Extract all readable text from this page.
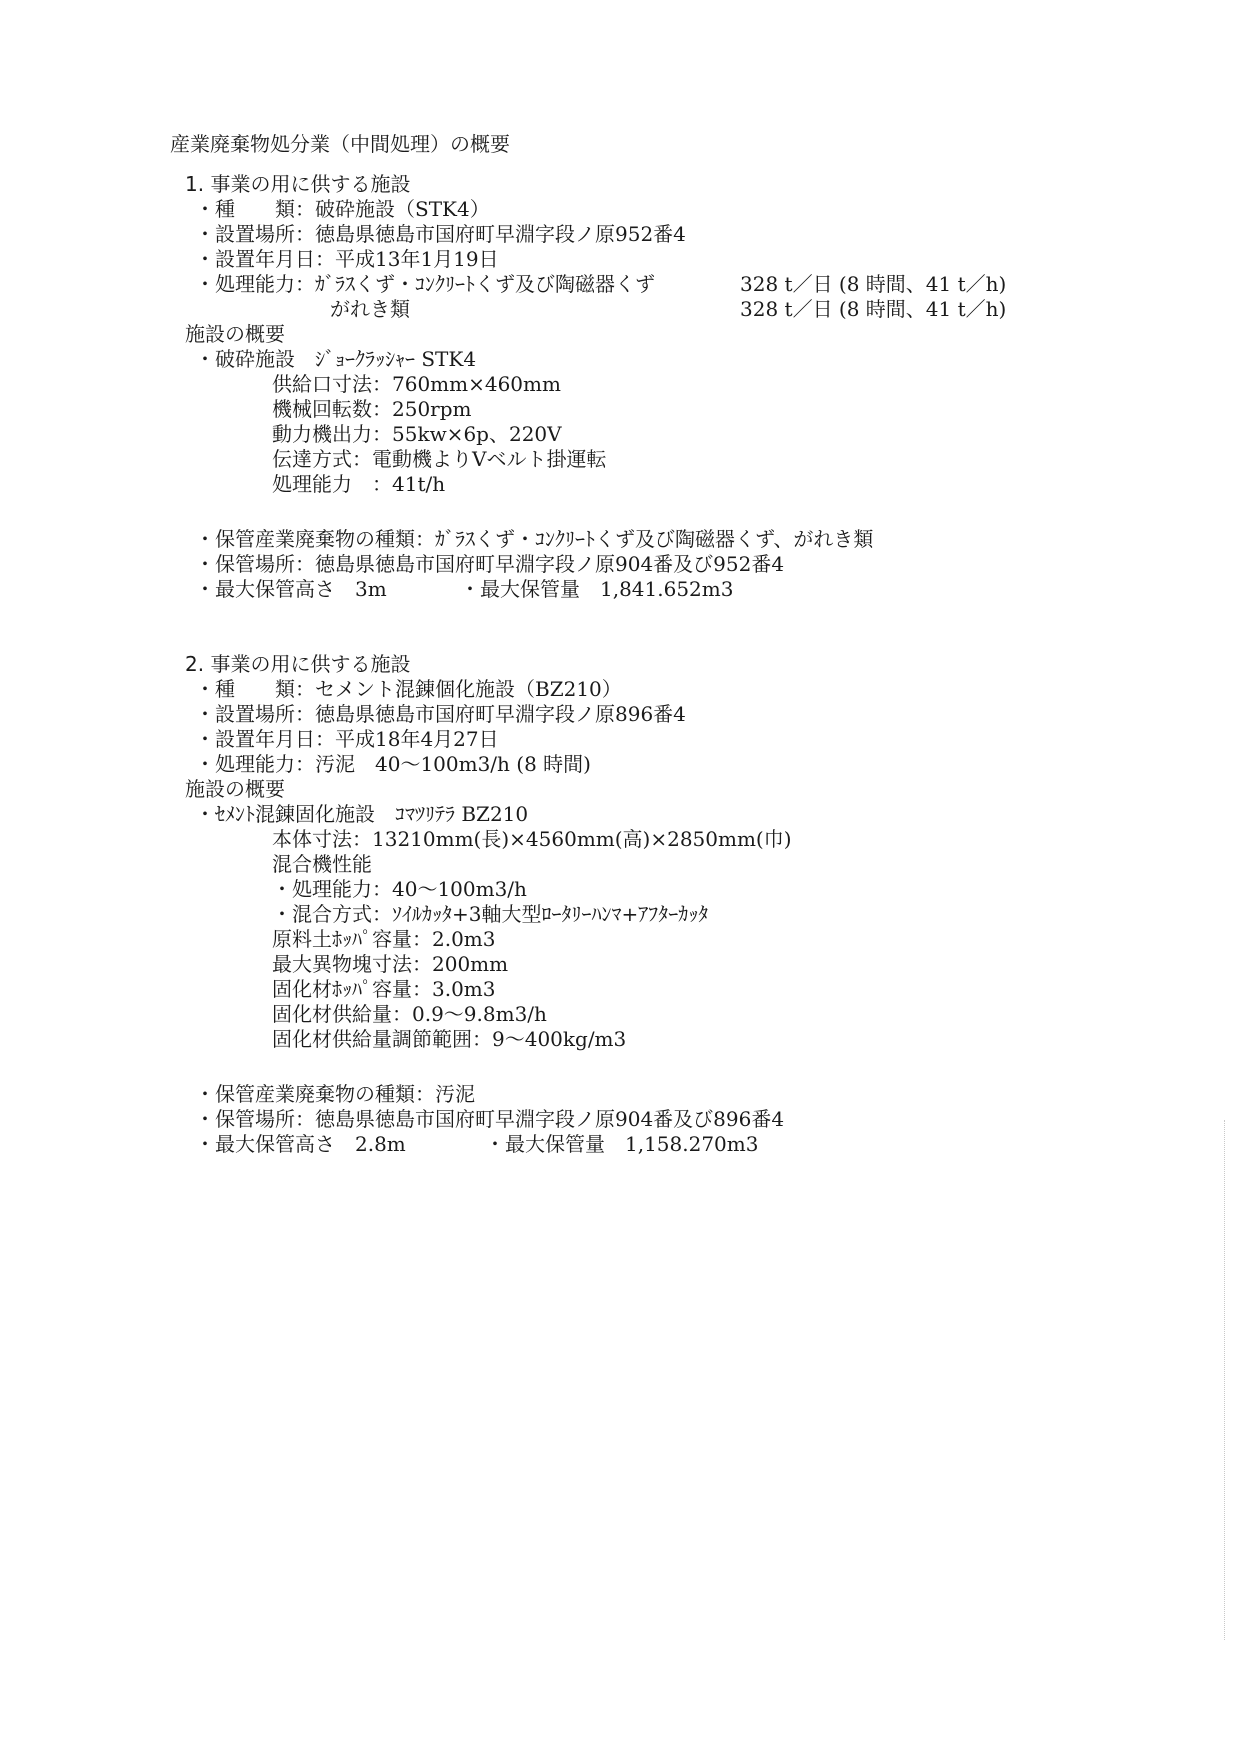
産業廃棄物処分業（中間処理）の概要
1. 事業の用に供する施設
・種　　類：破砕施設（STK4）
・設置場所：徳島県徳島市国府町早淵字段ノ原952番4
・設置年月日：平成13年1月19日
・処理能力：ｶﾞﾗｽくず・ｺﾝｸﾘｰﾄくず及び陶磁器くず	328 t／日 (8 時間、41 t／h)
がれき類	328 t／日 (8 時間、41 t／h)
施設の概要
・破砕施設　ｼﾞｮｰｸﾗｯｼｬｰ STK4
供給口寸法：760mm×460mm
機械回転数：250rpm
動力機出力：55kw×6p、220V
伝達方式：電動機よりVベルト掛運転
処理能力　：41t/h
・保管産業廃棄物の種類：ｶﾞﾗｽくず・ｺﾝｸﾘｰﾄくず及び陶磁器くず、がれき類
・保管場所：徳島県徳島市国府町早淵字段ノ原904番及び952番4
・最大保管高さ　3m	・最大保管量　1,841.652m3
2. 事業の用に供する施設
・種　　類：セメント混錬個化施設（BZ210）
・設置場所：徳島県徳島市国府町早淵字段ノ原896番4
・設置年月日：平成18年4月27日
・処理能力：汚泥　40～100m3/h (8 時間)
施設の概要
・ｾﾒﾝﾄ混錬固化施設　ｺﾏﾂﾘﾃﾗ BZ210
本体寸法：13210mm(長)×4560mm(高)×2850mm(巾)
混合機性能
・処理能力：40～100m3/h
・混合方式：ｿｲﾙｶｯﾀ+3軸大型ﾛｰﾀﾘｰﾊﾝﾏ+ｱﾌﾀｰｶｯﾀ
原料土ﾎｯﾊﾟ容量：2.0m3
最大異物塊寸法：200mm
固化材ﾎｯﾊﾟ容量：3.0m3
固化材供給量：0.9～9.8m3/h
固化材供給量調節範囲：9～400kg/m3
・保管産業廃棄物の種類：汚泥
・保管場所：徳島県徳島市国府町早淵字段ノ原904番及び896番4
・最大保管高さ　2.8m	・最大保管量　1,158.270m3
